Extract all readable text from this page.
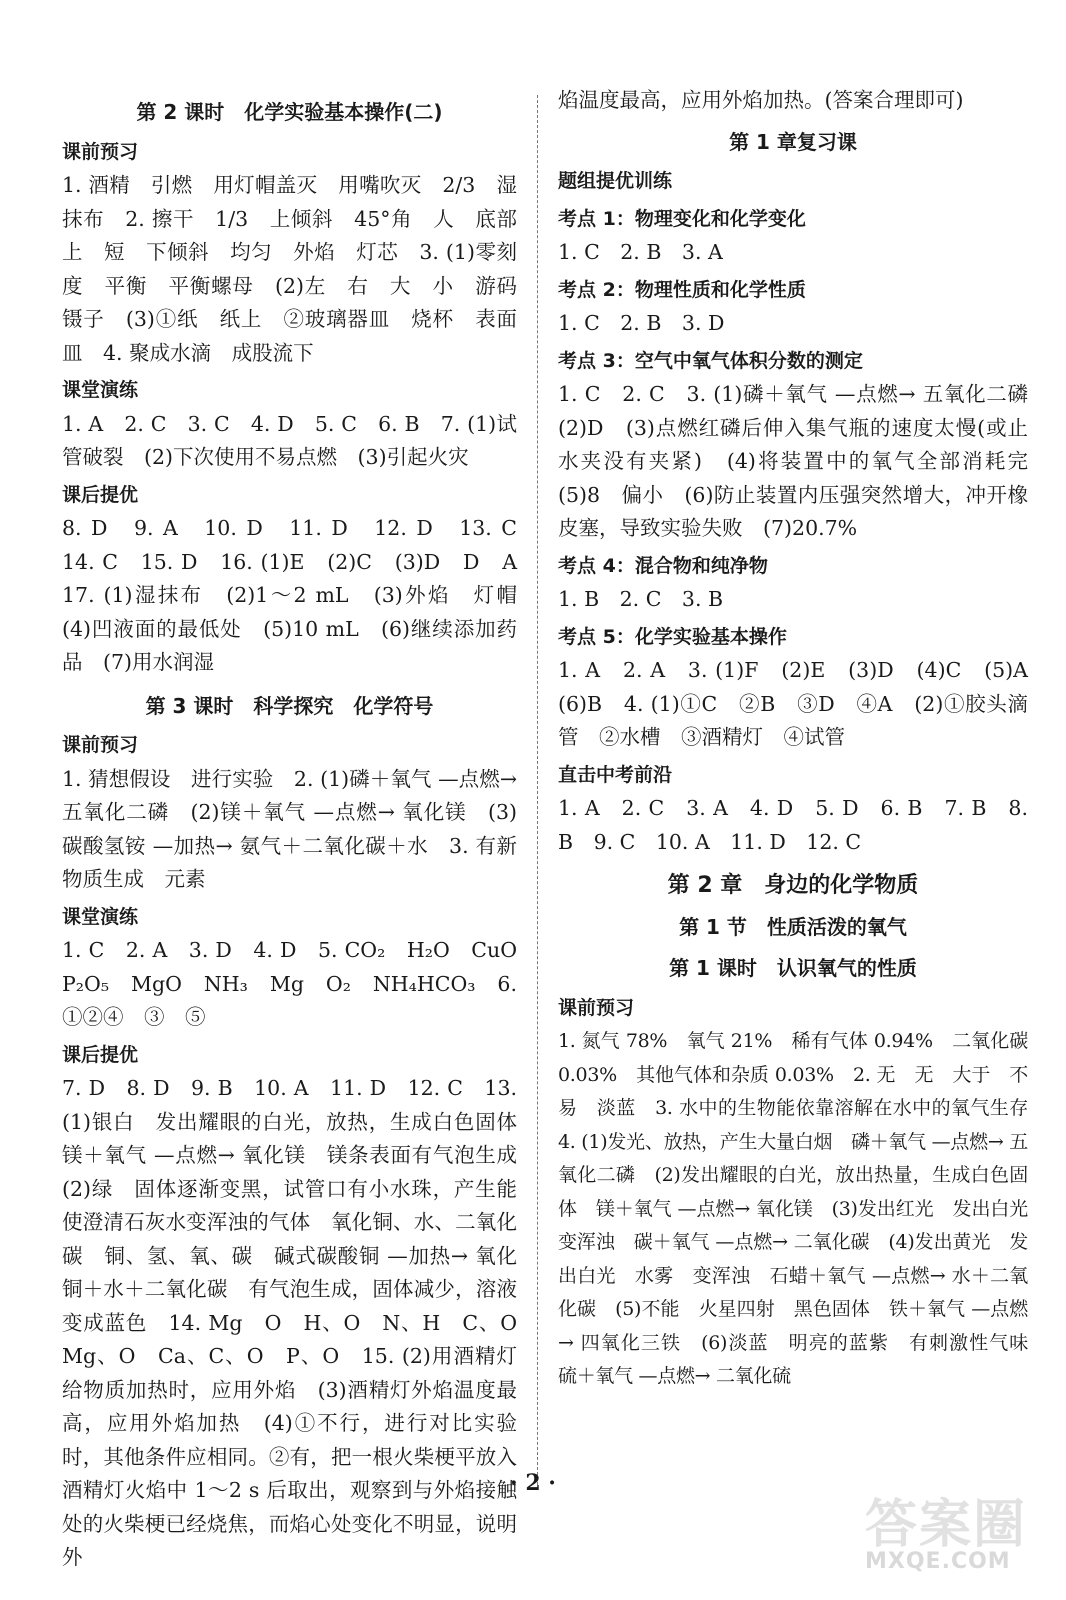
第 2 课时　化学实验基本操作(二)
课前预习

1. 酒精　引燃　用灯帽盖灭　用嘴吹灭　2/3　湿抹布　2. 擦干　1/3　上倾斜　45°角　人　底部　上　短　下倾斜　均匀　外焰　灯芯　3. (1)零刻度　平衡　平衡螺母　(2)左　右　大　小　游码　镊子　(3)①纸　纸上　②玻璃器皿　烧杯　表面皿　4. 聚成水滴　成股流下

课堂演练

1. A　2. C　3. C　4. D　5. C　6. B　7. (1)试管破裂　(2)下次使用不易点燃　(3)引起火灾

课后提优

8. D　9. A　10. D　11. D　12. D　13. C　14. C　15. D　16. (1)E　(2)C　(3)D　D　A　17. (1)湿抹布　(2)1～2 mL　(3)外焰　灯帽　(4)凹液面的最低处　(5)10 mL　(6)继续添加药品　(7)用水润湿

第 3 课时　科学探究　化学符号
课前预习

1. 猜想假设　进行实验　2. (1)磷＋氧气 —点燃→ 五氧化二磷　(2)镁＋氧气 —点燃→ 氧化镁　(3)碳酸氢铵 —加热→ 氨气＋二氧化碳＋水　3. 有新物质生成　元素

课堂演练

1. C　2. A　3. D　4. D　5. CO₂　H₂O　CuO　P₂O₅　MgO　NH₃　Mg　O₂　NH₄HCO₃　6. ①②④　③　⑤

课后提优

7. D　8. D　9. B　10. A　11. D　12. C　13. (1)银白　发出耀眼的白光，放热，生成白色固体　镁＋氧气 —点燃→ 氧化镁　镁条表面有气泡生成　(2)绿　固体逐渐变黑，试管口有小水珠，产生能使澄清石灰水变浑浊的气体　氧化铜、水、二氧化碳　铜、氢、氧、碳　碱式碳酸铜 —加热→ 氧化铜＋水＋二氧化碳　有气泡生成，固体减少，溶液变成蓝色　14. Mg　O　H、O　N、H　C、O　Mg、O　Ca、C、O　P、O　15. (2)用酒精灯给物质加热时，应用外焰　(3)酒精灯外焰温度最高，应用外焰加热　(4)①不行，进行对比实验时，其他条件应相同。②有，把一根火柴梗平放入酒精灯火焰中 1～2 s 后取出，观察到与外焰接触处的火柴梗已经烧焦，而焰心处变化不明显，说明外

焰温度最高，应用外焰加热。(答案合理即可)

第 1 章复习课
题组提优训练
考点 1：物理变化和化学变化

1. C　2. B　3. A

考点 2：物理性质和化学性质

1. C　2. B　3. D

考点 3：空气中氧气体积分数的测定

1. C　2. C　3. (1)磷＋氧气 —点燃→ 五氧化二磷　(2)D　(3)点燃红磷后伸入集气瓶的速度太慢(或止水夹没有夹紧)　(4)将装置中的氧气全部消耗完　(5)8　偏小　(6)防止装置内压强突然增大，冲开橡皮塞，导致实验失败　(7)20.7%

考点 4：混合物和纯净物

1. B　2. C　3. B

考点 5：化学实验基本操作

1. A　2. A　3. (1)F　(2)E　(3)D　(4)C　(5)A　(6)B　4. (1)①C　②B　③D　④A　(2)①胶头滴管　②水槽　③酒精灯　④试管

直击中考前沿

1. A　2. C　3. A　4. D　5. D　6. B　7. B　8. B　9. C　10. A　11. D　12. C

第 2 章　身边的化学物质
第 1 节　性质活泼的氧气
第 1 课时　认识氧气的性质
课前预习

1. 氮气 78%　氧气 21%　稀有气体 0.94%　二氧化碳 0.03%　其他气体和杂质 0.03%　2. 无　无　大于　不易　淡蓝　3. 水中的生物能依靠溶解在水中的氧气生存　4. (1)发光、放热，产生大量白烟　磷＋氧气 —点燃→ 五氧化二磷　(2)发出耀眼的白光，放出热量，生成白色固体　镁＋氧气 —点燃→ 氧化镁　(3)发出红光　发出白光　变浑浊　碳＋氧气 —点燃→ 二氧化碳　(4)发出黄光　发出白光　水雾　变浑浊　石蜡＋氧气 —点燃→ 水＋二氧化碳　(5)不能　火星四射　黑色固体　铁＋氧气 —点燃→ 四氧化三铁　(6)淡蓝　明亮的蓝紫　有刺激性气味　硫＋氧气 —点燃→ 二氧化硫

· 2 ·
答案圈
MXQE.COM
